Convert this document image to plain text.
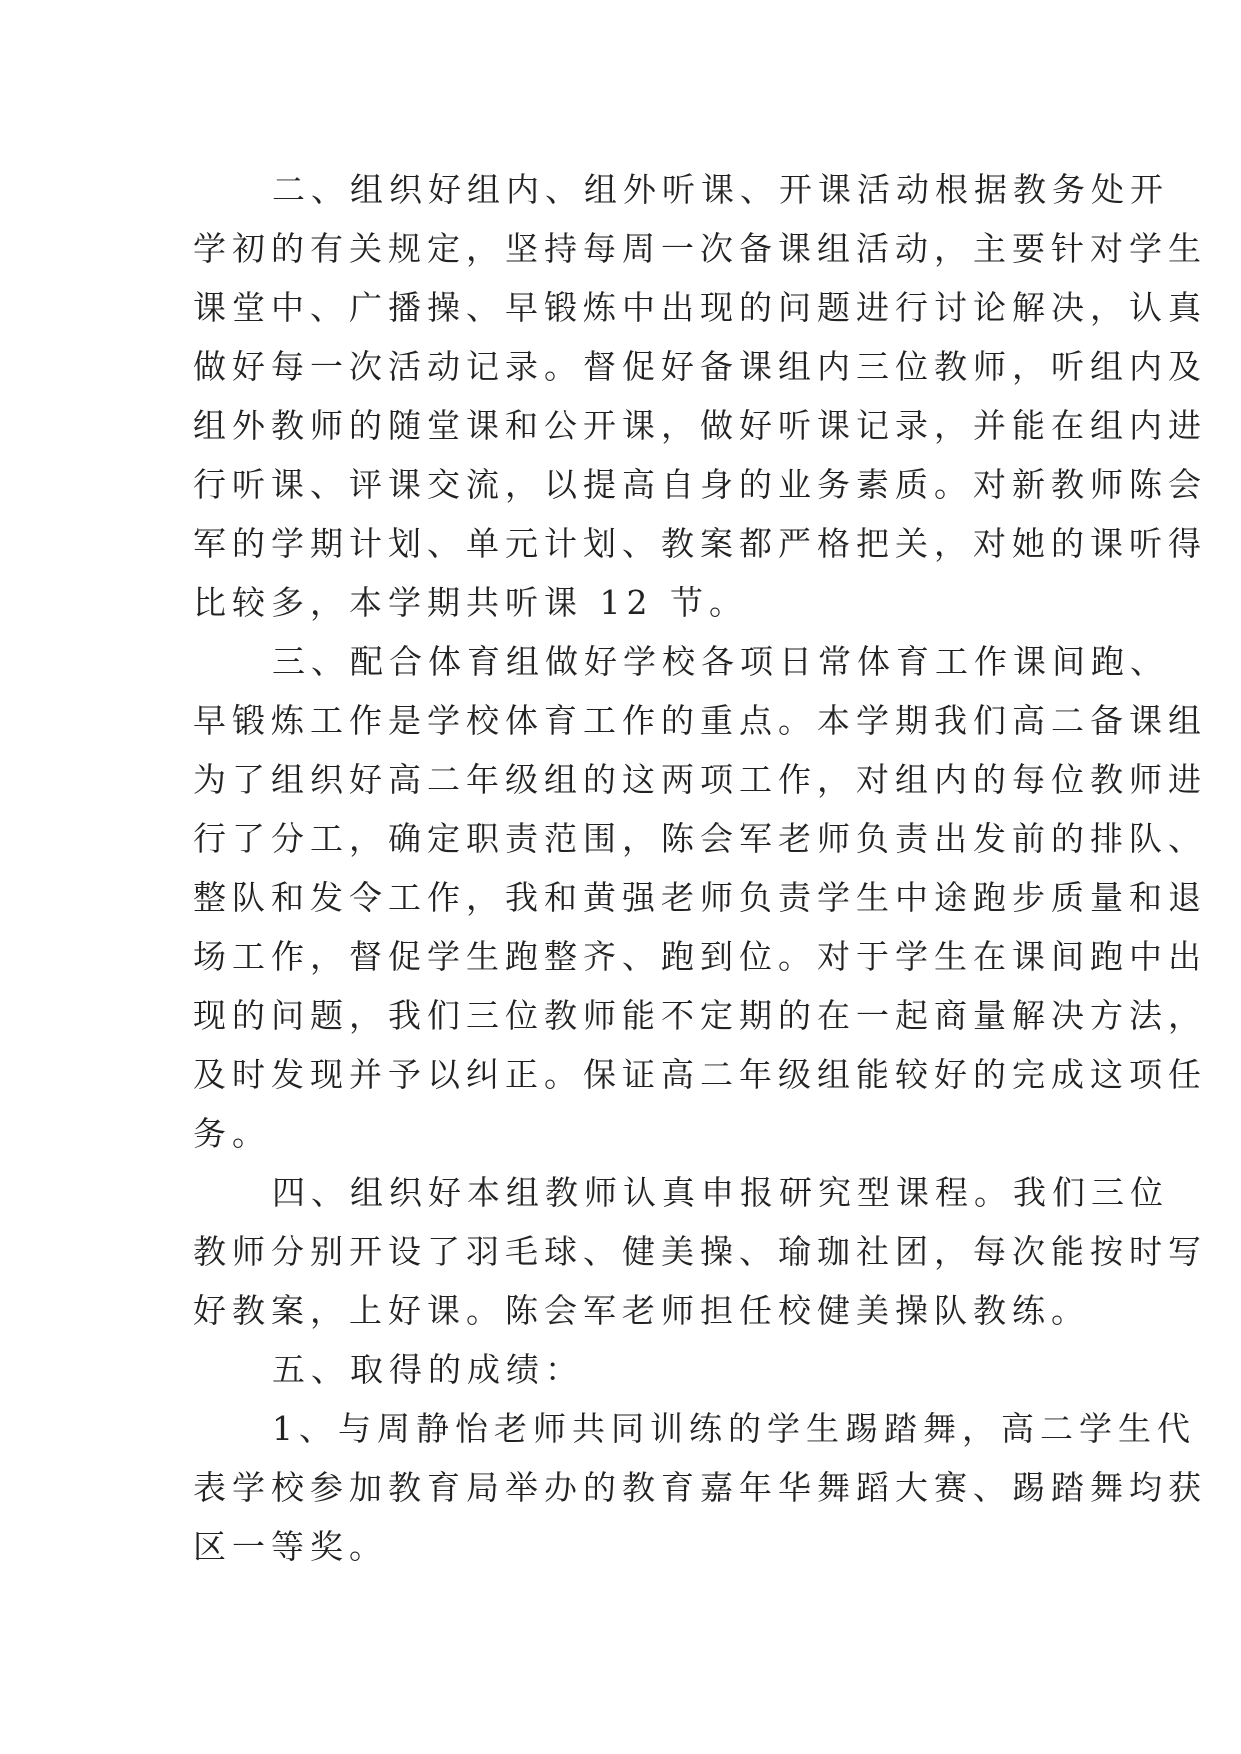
二、组织好组内、组外听课、开课活动根据教务处开
学初的有关规定，坚持每周一次备课组活动，主要针对学生
课堂中、广播操、早锻炼中出现的问题进行讨论解决，认真
做好每一次活动记录。督促好备课组内三位教师，听组内及
组外教师的随堂课和公开课，做好听课记录，并能在组内进
行听课、评课交流，以提高自身的业务素质。对新教师陈会
军的学期计划、单元计划、教案都严格把关，对她的课听得
比较多，本学期共听课 12 节。
三、配合体育组做好学校各项日常体育工作课间跑、
早锻炼工作是学校体育工作的重点。本学期我们高二备课组
为了组织好高二年级组的这两项工作，对组内的每位教师进
行了分工，确定职责范围，陈会军老师负责出发前的排队、
整队和发令工作，我和黄强老师负责学生中途跑步质量和退
场工作，督促学生跑整齐、跑到位。对于学生在课间跑中出
现的问题，我们三位教师能不定期的在一起商量解决方法，
及时发现并予以纠正。保证高二年级组能较好的完成这项任
务。
四、组织好本组教师认真申报研究型课程。我们三位
教师分别开设了羽毛球、健美操、瑜珈社团，每次能按时写
好教案，上好课。陈会军老师担任校健美操队教练。
五、取得的成绩：
1、与周静怡老师共同训练的学生踢踏舞，高二学生代
表学校参加教育局举办的教育嘉年华舞蹈大赛、踢踏舞均获
区一等奖。
